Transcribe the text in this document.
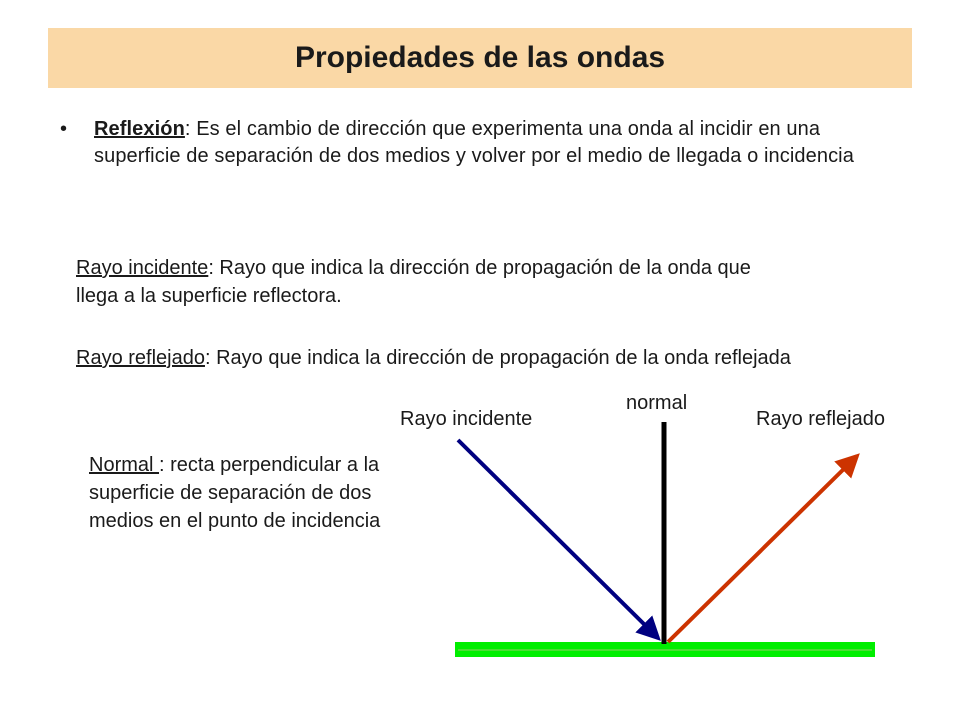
Propiedades de las ondas
• Reflexión: Es el cambio de dirección que experimenta una onda al incidir en una superficie de separación de dos medios y volver por el medio de llegada o incidencia
Rayo incidente: Rayo que indica la dirección de propagación de la onda que llega a la superficie reflectora.
Rayo reflejado: Rayo que indica la dirección de propagación de la onda reflejada
Normal : recta perpendicular a la superficie de separación de dos medios en el punto de incidencia
Rayo incidente
normal
Rayo reflejado
